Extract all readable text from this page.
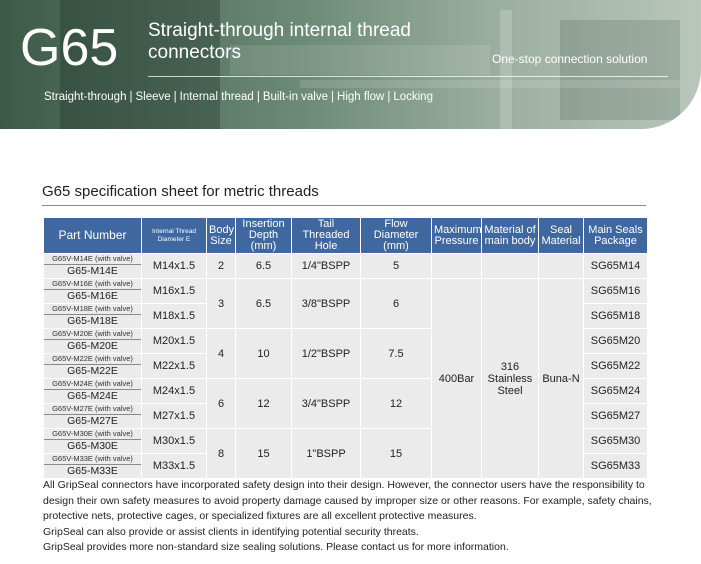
G65 Straight-through internal thread connectors	One-stop connection solution
Straight-through | Sleeve | Internal thread | Built-in valve | High flow | Locking
G65 specification sheet for metric threads
Part Number	Internal Thread Diameter E	Body Size	Insertion Depth (mm)	Tail Threaded Hole	Flow Diameter (mm)	Maximum Pressure	Material of main body	Seal Material	Main Seals Package

G65V-M14E (with valve)
G65-M14E	M14x1.5	2	6.5	1/4"BSPP	5				SG65M14

G65V-M16E (with valve)
G65-M16E	M16x1.5	3	6.5	3/8"BSPP	6	400Bar	316 Stainless Steel	Buna-N	SG65M16

G65V-M18E (with valve)
G65-M18E	M18x1.5								SG65M18

G65V-M20E (with valve)
G65-M20E	M20x1.5	4	10	1/2"BSPP	7.5				SG65M20

G65V-M22E (with valve)
G65-M22E	M22x1.5								SG65M22

G65V-M24E (with valve)
G65-M24E	M24x1.5	6	12	3/4"BSPP	12				SG65M24

G65V-M27E (with valve)
G65-M27E	M27x1.5								SG65M27

G65V-M30E (with valve)
G65-M30E	M30x1.5	8	15	1"BSPP	15				SG65M30

G65V-M33E (with valve)
G65-M33E	M33x1.5								SG65M33

All GripSeal connectors have incorporated safety design into their design. However, the connector users have the responsibility to design their own safety measures to avoid property damage caused by improper size or other reasons. For example, safety chains, protective nets, protective cages, or specialized fixtures are all excellent protective measures.

GripSeal can also provide or assist clients in identifying potential security threats.

GripSeal provides more non-standard size sealing solutions. Please contact us for more information.
